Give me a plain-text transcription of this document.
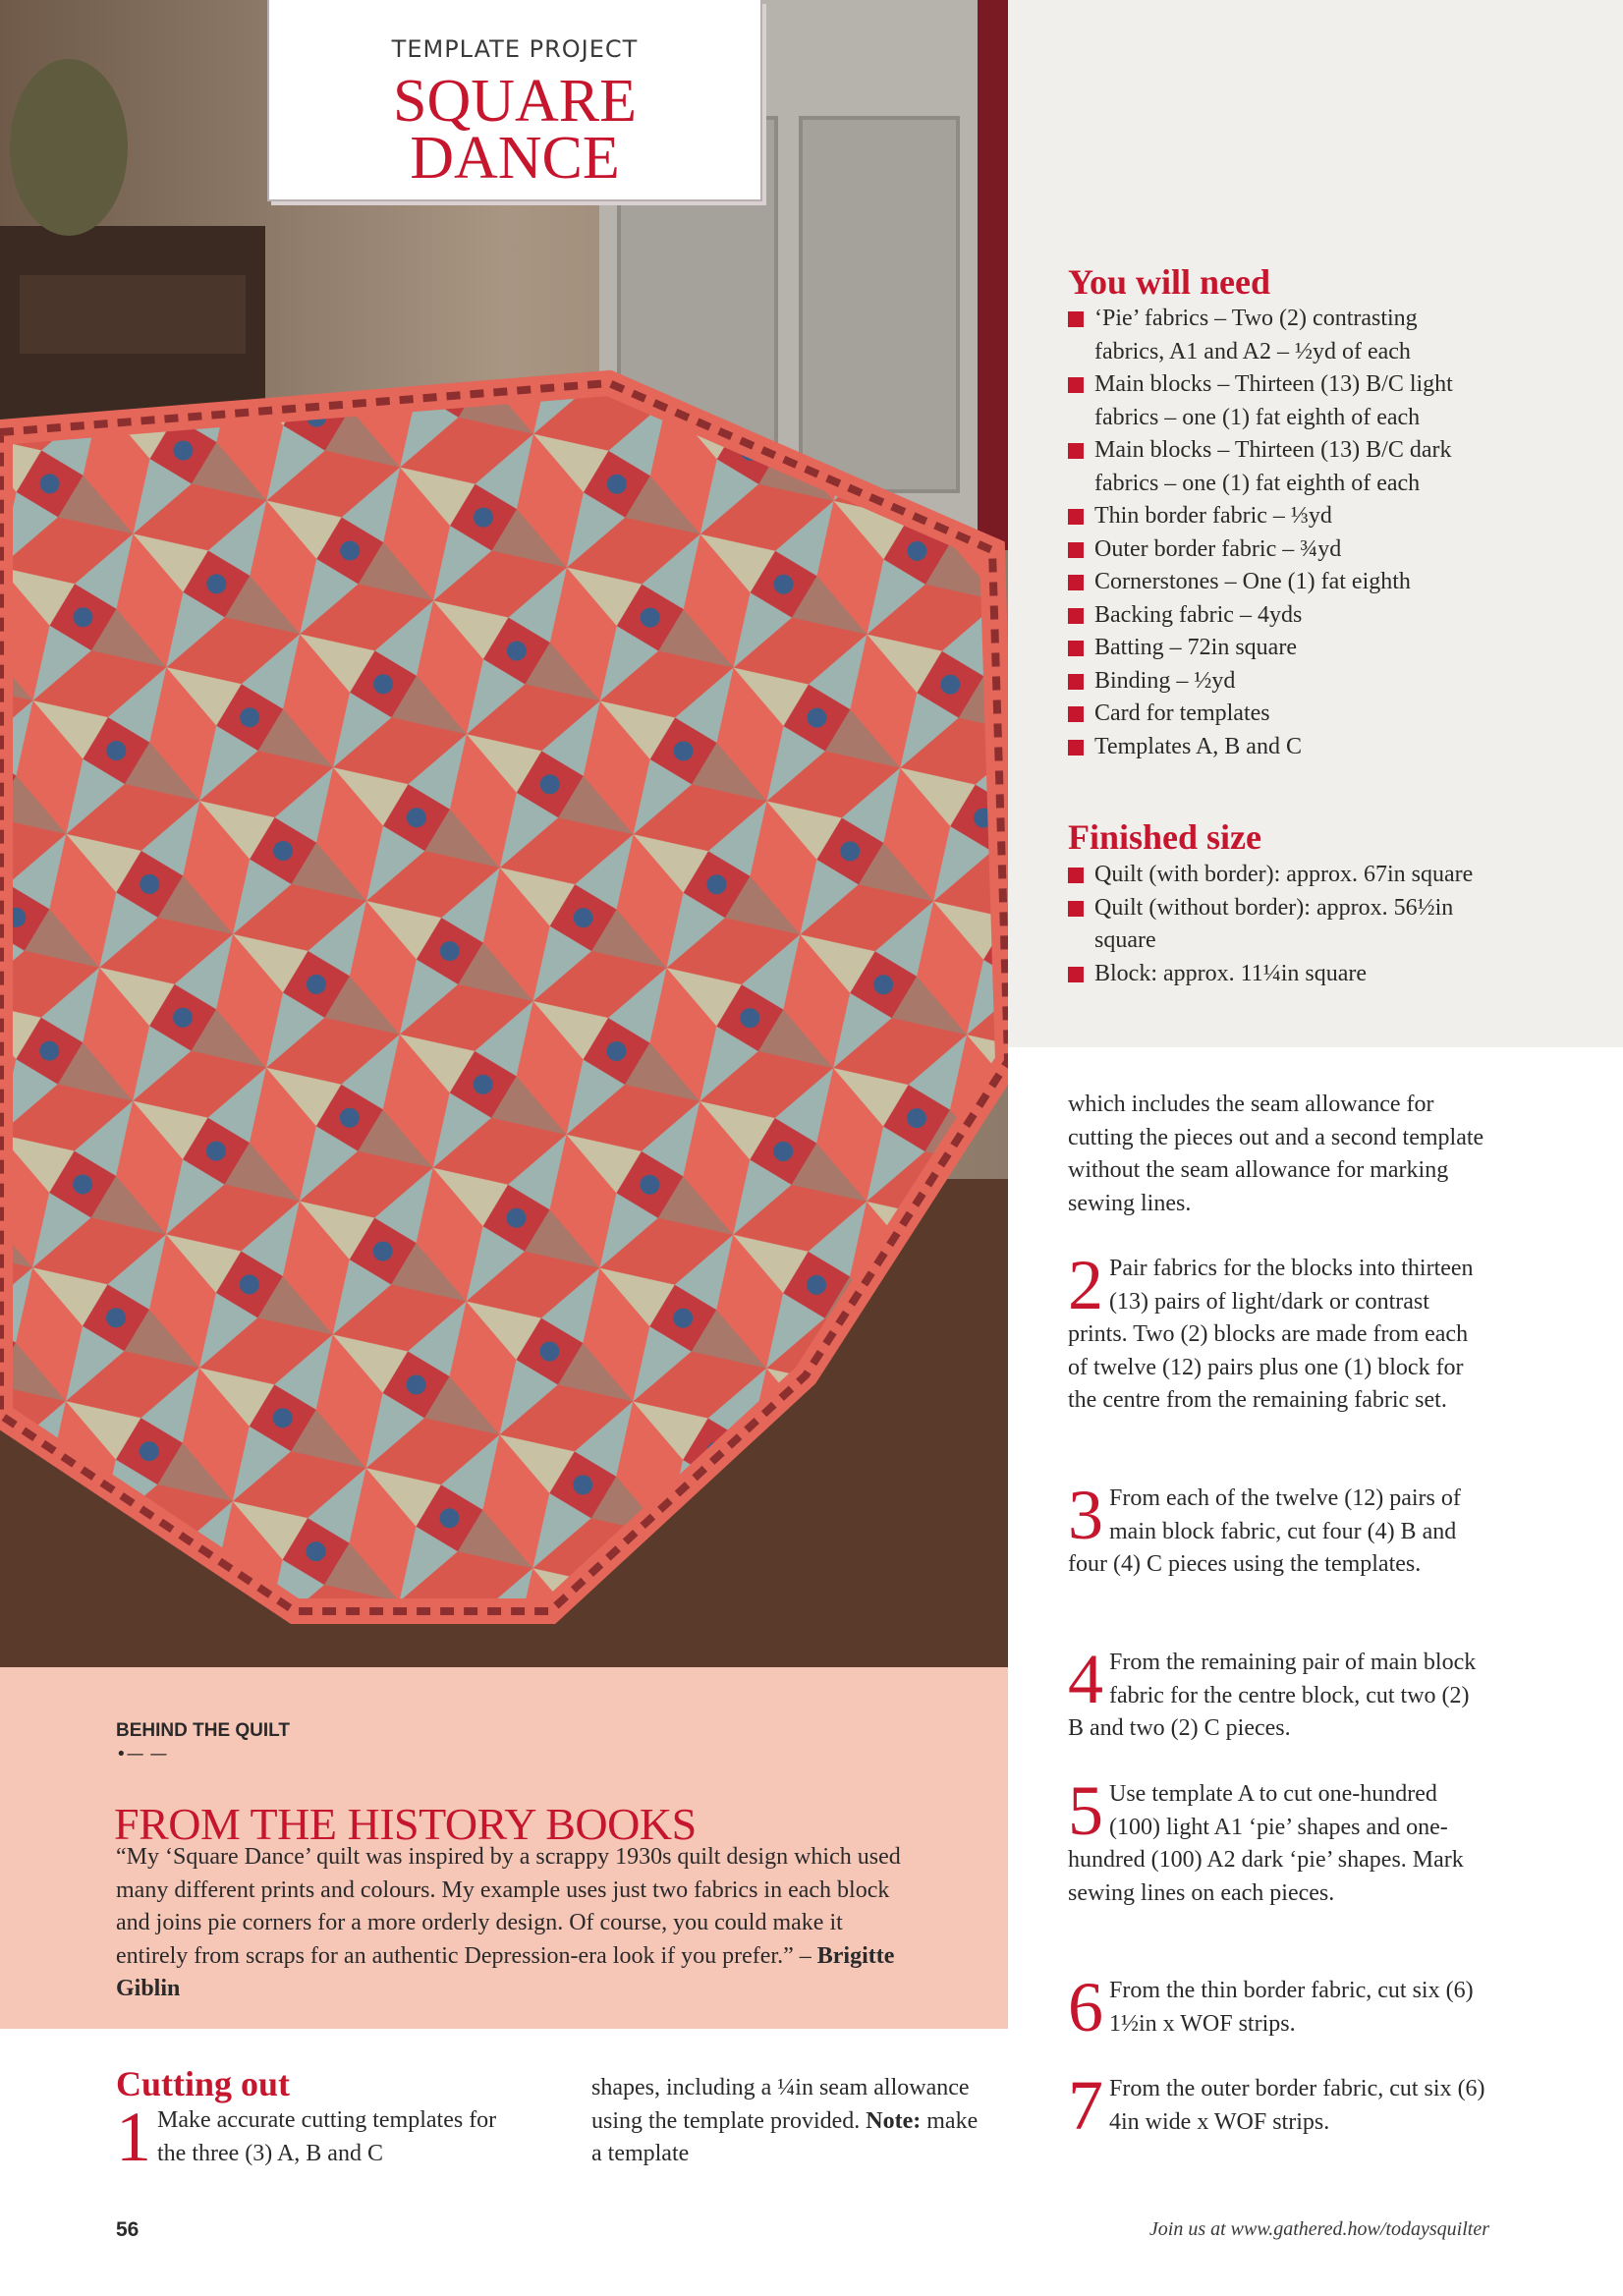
TEMPLATE PROJECT
SQUARE
DANCE
You will need
‘Pie’ fabrics – Two (2) contrasting fabrics, A1 and A2 – ½yd of each
Main blocks – Thirteen (13) B/C light fabrics – one (1) fat eighth of each
Main blocks – Thirteen (13) B/C dark fabrics – one (1) fat eighth of each
Thin border fabric – ⅓yd
Outer border fabric – ¾yd
Cornerstones – One (1) fat eighth
Backing fabric – 4yds
Batting – 72in square
Binding – ½yd
Card for templates
Templates A, B and C
Finished size
Quilt (with border): approx. 67in square
Quilt (without border): approx. 56½in square
Block: approx. 11¼in square
which includes the seam allowance for cutting the pieces out and a second template without the seam allowance for marking sewing lines.
2 Pair fabrics for the blocks into thirteen (13) pairs of light/dark or contrast prints. Two (2) blocks are made from each of twelve (12) pairs plus one (1) block for the centre from the remaining fabric set.
3 From each of the twelve (12) pairs of main block fabric, cut four (4) B and four (4) C pieces using the templates.
4 From the remaining pair of main block fabric for the centre block, cut two (2) B and two (2) C pieces.
5 Use template A to cut one-hundred (100) light A1 ‘pie’ shapes and one-hundred (100) A2 dark ‘pie’ shapes. Mark sewing lines on each pieces.
6 From the thin border fabric, cut six (6) 1½in x WOF strips.
7 From the outer border fabric, cut six (6) 4in wide x WOF strips.
BEHIND THE QUILT
•— —
FROM THE HISTORY BOOKS

“My ‘Square Dance’ quilt was inspired by a scrappy 1930s quilt design which used many different prints and colours. My example uses just two fabrics in each block and joins pie corners for a more orderly design. Of course, you could make it entirely from scraps for an authentic Depression-era look if you prefer.” – Brigitte Giblin

Cutting out
1 Make accurate cutting templates for the three (3) A, B and C
shapes, including a ¼in seam allowance using the template provided. Note: make a template
56	Join us at www.gathered.how/todaysquilter
